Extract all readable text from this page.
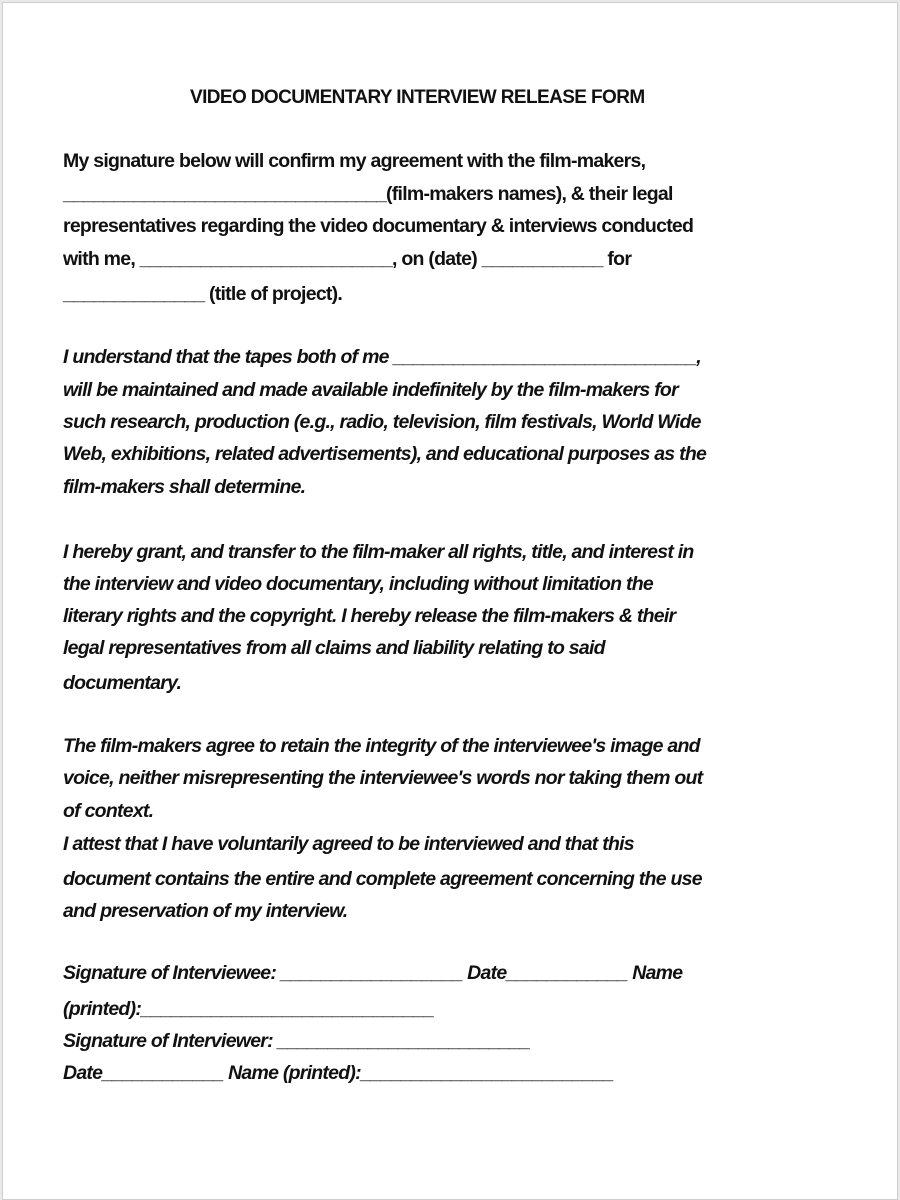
VIDEO DOCUMENTARY INTERVIEW RELEASE FORM
My signature below will confirm my agreement with the film-makers,
________________________________(film-makers names), & their legal
representatives regarding the video documentary & interviews conducted
with me, _________________________, on (date) ____________ for
______________ (title of project).
I understand that the tapes both of me ______________________________,
will be maintained and made available indefinitely by the film-makers for
such research, production (e.g., radio, television, film festivals, World Wide
Web, exhibitions, related advertisements), and educational purposes as the
film-makers shall determine.
I hereby grant, and transfer to the film-maker all rights, title, and interest in
the interview and video documentary, including without limitation the
literary rights and the copyright. I hereby release the film-makers & their
legal representatives from all claims and liability relating to said
documentary.
The film-makers agree to retain the integrity of the interviewee's image and
voice, neither misrepresenting the interviewee's words nor taking them out
of context.
I attest that I have voluntarily agreed to be interviewed and that this
document contains the entire and complete agreement concerning the use
and preservation of my interview.
Signature of Interviewee: __________________ Date____________ Name
(printed):_____________________________
Signature of Interviewer: _________________________
Date____________ Name (printed):_________________________
